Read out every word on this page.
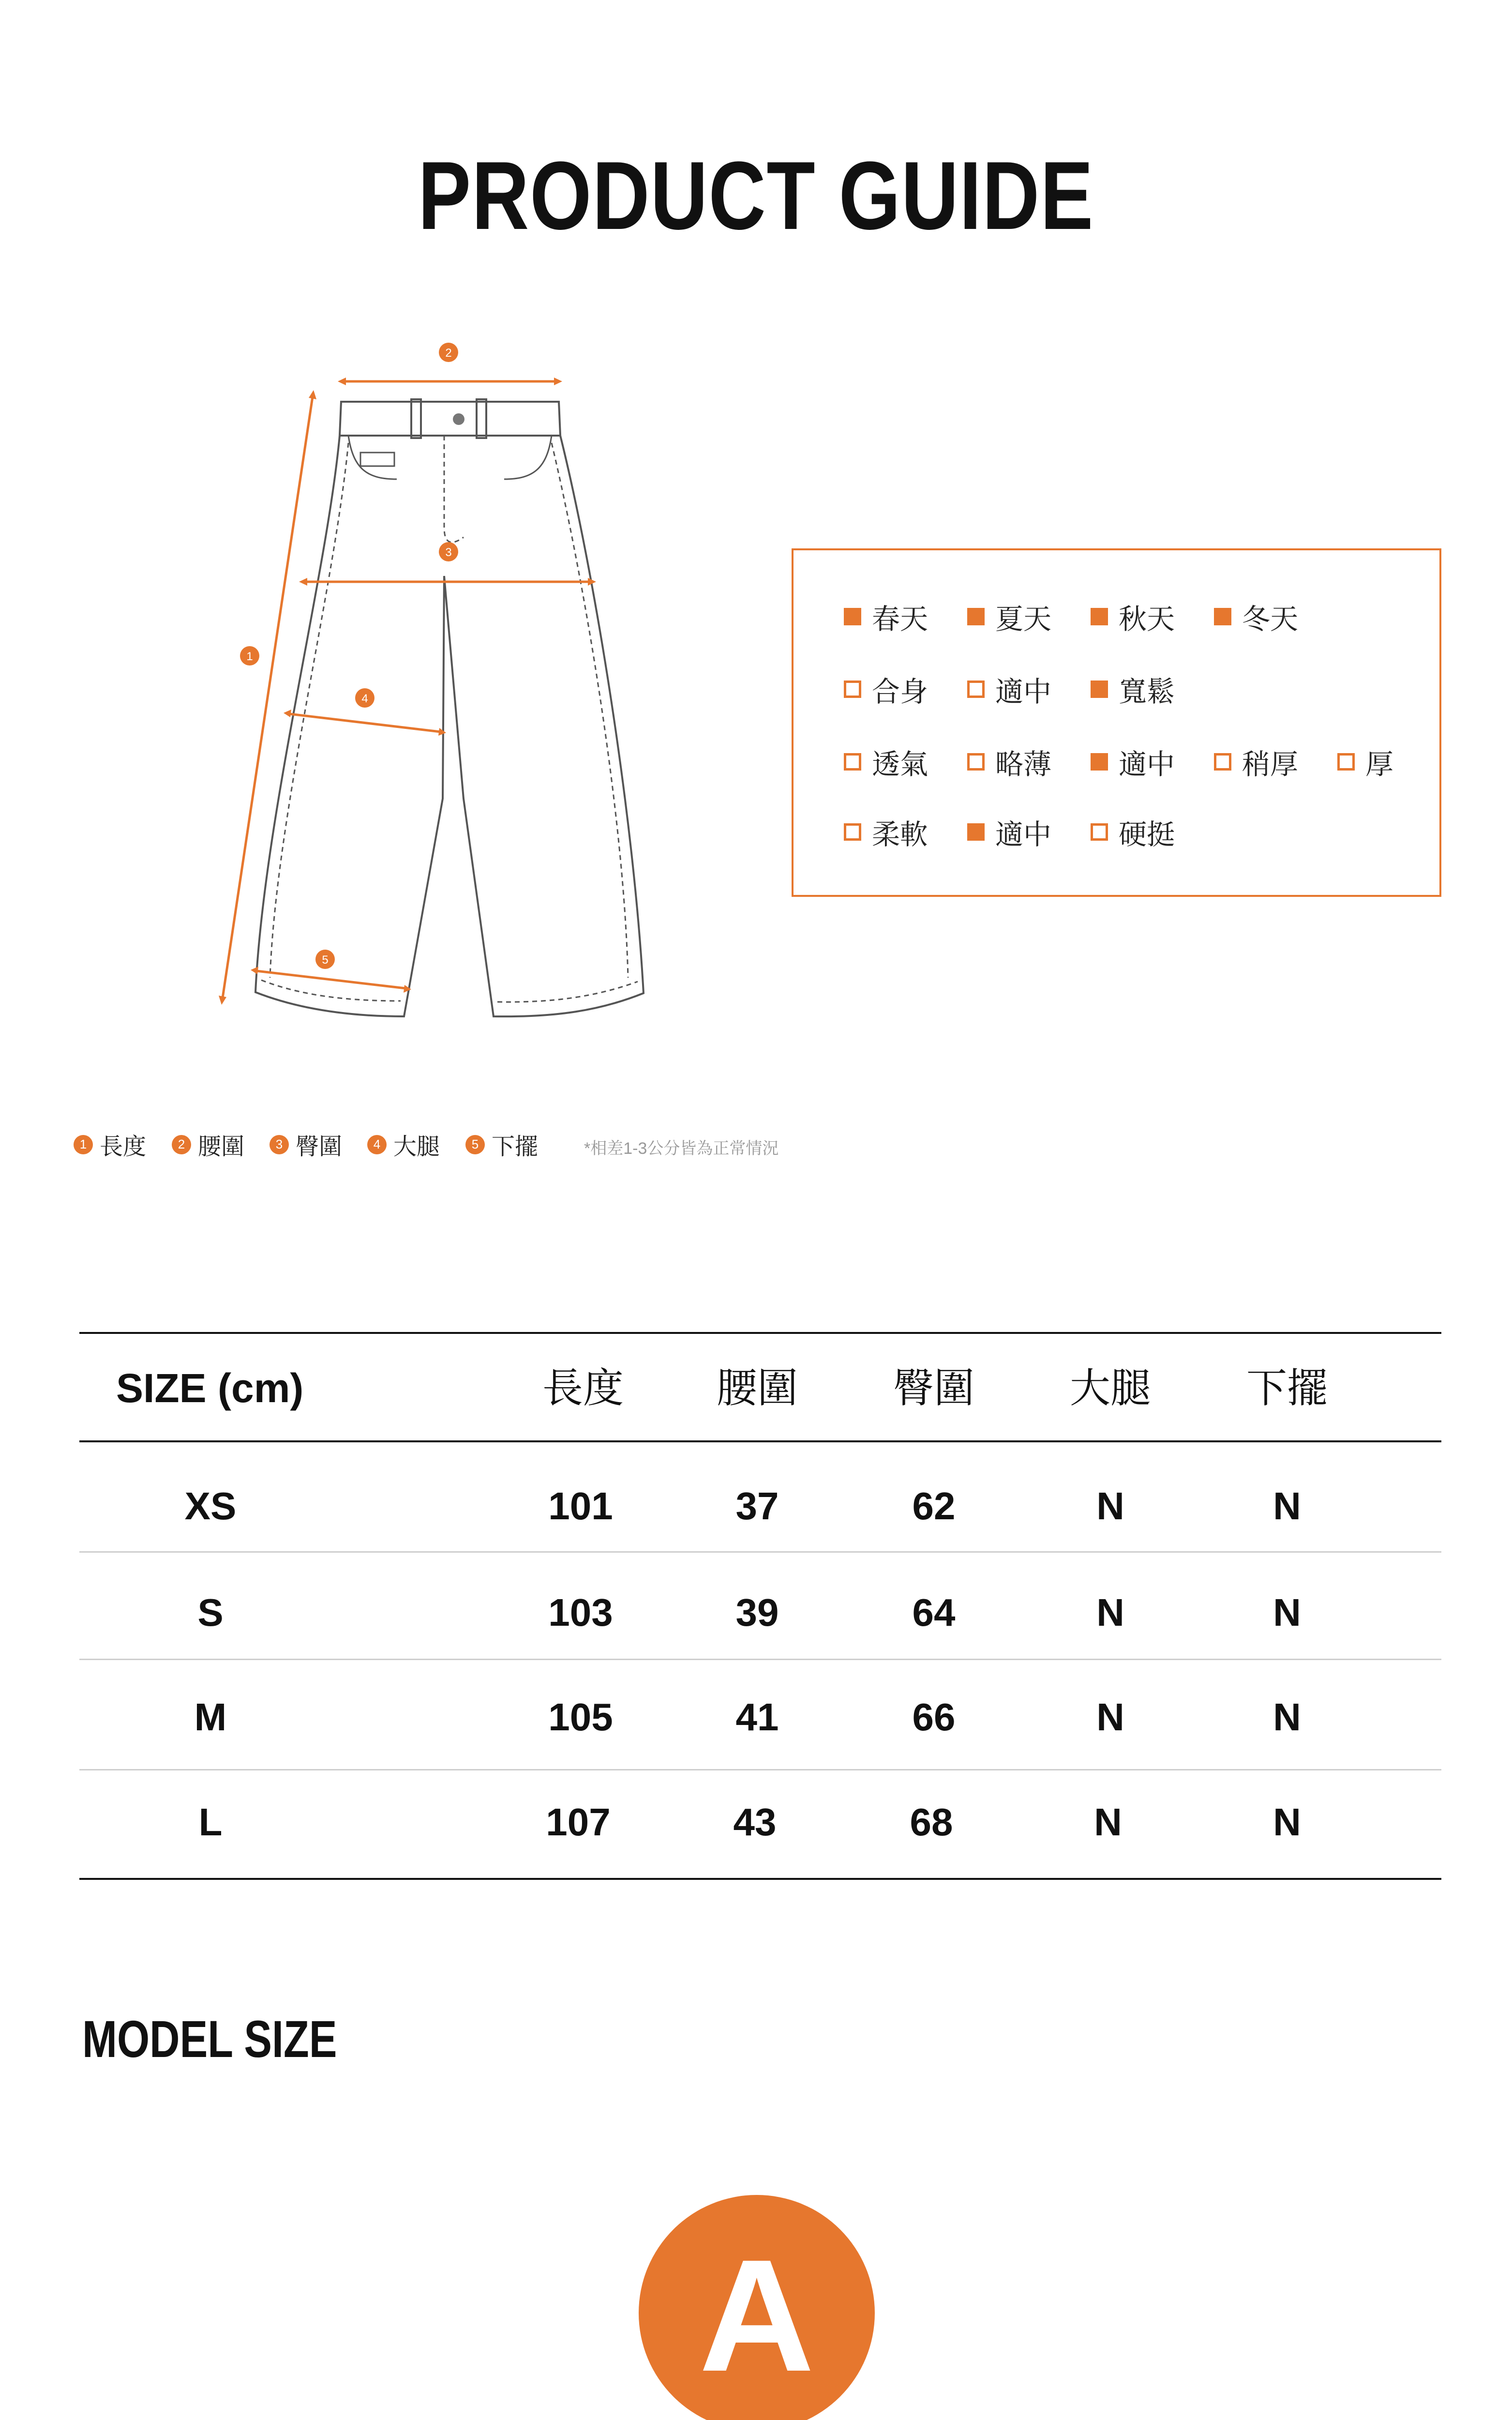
PRODUCT GUIDE
2
3
1
4
5
春天 夏天 秋天 冬天
合身 適中 寬鬆
透氣 略薄 適中 稍厚 厚
柔軟 適中 硬挺
1 長度	2 腰圍	3 臀圍	4 大腿	5 下擺	*相差1-3公分皆為正常情況
SIZE (cm)	長度 腰圍 臀圍 大腿 下擺
XS	101	37	62	N	N
S	103	39	64	N	N
M	105	41	66	N	N
L	107	43	68	N	N
MODEL SIZE
A
